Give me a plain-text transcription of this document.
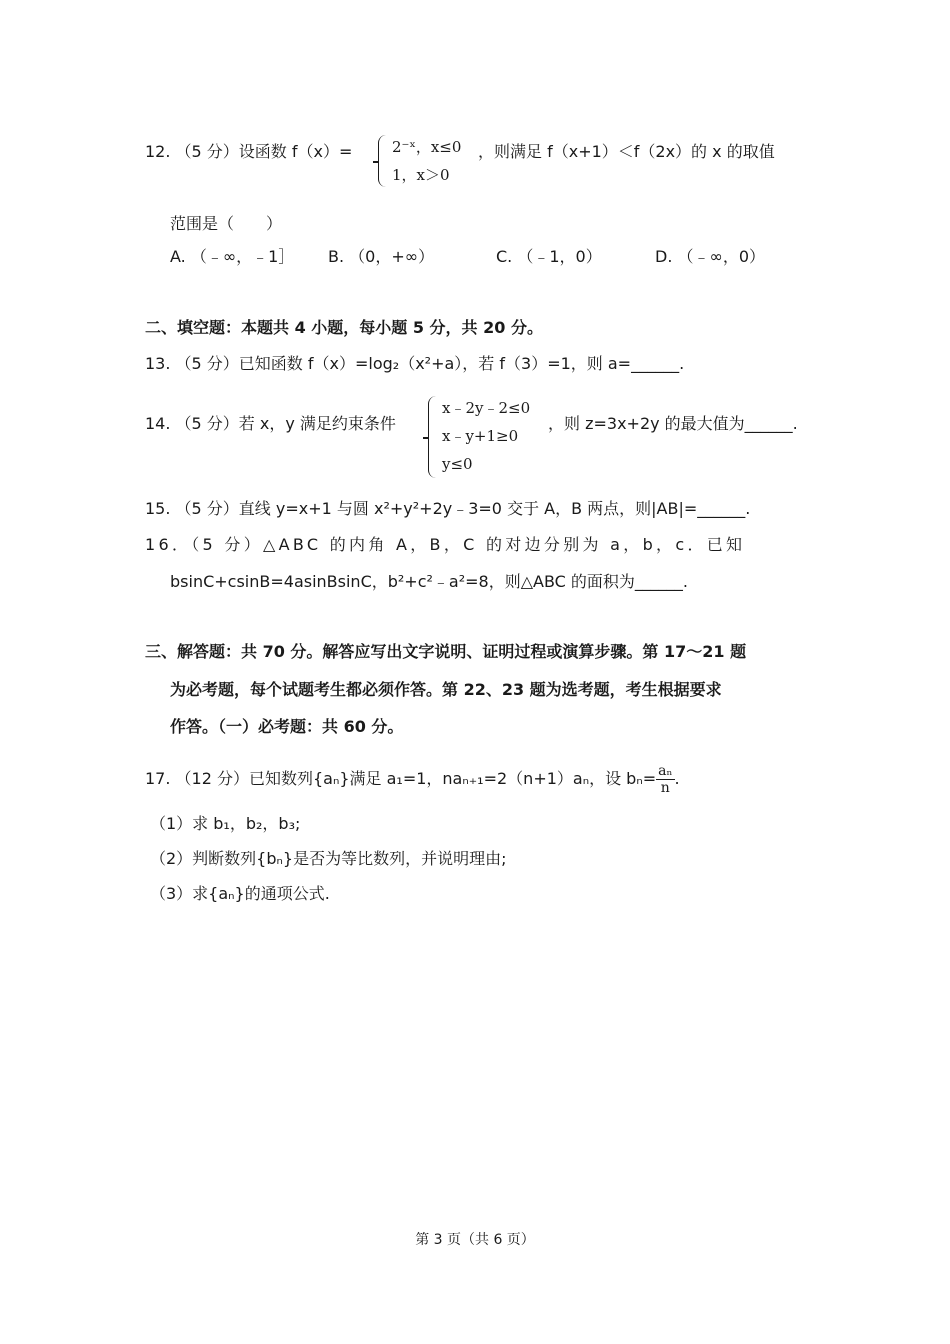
12. （5 分）设函数 f（x）=	2⁻ˣ，x≤0
1，x＞0
，则满足 f（x+1）＜f（2x）的 x 的取值
范围是（　　）
A. （﹣∞，﹣1］ B. （0，+∞）	C. （﹣1，0）	D. （﹣∞，0）
二、填空题：本题共 4 小题，每小题 5 分，共 20 分。
13. （5 分）已知函数 f（x）=log₂（x²+a），若 f（3）=1，则 a=______.
14. （5 分）若 x，y 满足约束条件
x﹣2y﹣2≤0
x﹣y+1≥0
y≤0
，则 z=3x+2y 的最大值为______.
15. （5 分）直线 y=x+1 与圆 x²+y²+2y﹣3=0 交于 A，B 两点，则|AB|=______.
16．（5 分）△ABC 的内角 A，B，C 的对边分别为 a，b，c．已知
bsinC+csinB=4asinBsinC，b²+c²﹣a²=8，则△ABC 的面积为______.
三、解答题：共 70 分。解答应写出文字说明、证明过程或演算步骤。第 17～21 题
为必考题，每个试题考生都必须作答。第 22、23 题为选考题，考生根据要求
作答。（一）必考题：共 60 分。
17. （12 分）已知数列{aₙ}满足 a₁=1，naₙ₊₁=2（n+1）aₙ，设 $b_n= \frac{\text{aₙ}}{n}$ .
（1）求 b₁，b₂，b₃;
（2）判断数列{bₙ}是否为等比数列，并说明理由;
（3）求{aₙ}的通项公式.
第 3 页（共 6 页）
